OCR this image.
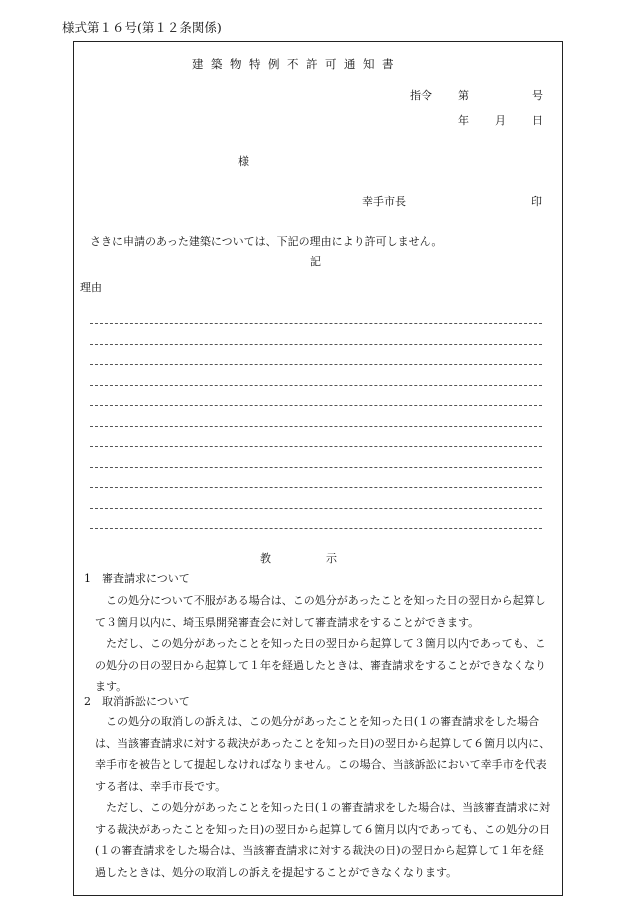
様式第１６号(第１２条関係)
建築物特例不許可通知書
指令 第	号
年 月 日
様
幸手市長	印
さきに申請のあった建築については、下記の理由により許可しません。
記
理由
教　　　　　示
1　審査請求について
この処分について不服がある場合は、この処分があったことを知った日の翌日から起算して３箇月以内に、埼玉県開発審査会に対して審査請求をすることができます。
ただし、この処分があったことを知った日の翌日から起算して３箇月以内であっても、この処分の日の翌日から起算して１年を経過したときは、審査請求をすることができなくなります。
2　取消訴訟について
この処分の取消しの訴えは、この処分があったことを知った日(１の審査請求をした場合は、当該審査請求に対する裁決があったことを知った日)の翌日から起算して６箇月以内に、幸手市を被告として提起しなければなりません。この場合、当該訴訟において幸手市を代表する者は、幸手市長です。
ただし、この処分があったことを知った日(１の審査請求をした場合は、当該審査請求に対する裁決があったことを知った日)の翌日から起算して６箇月以内であっても、この処分の日(１の審査請求をした場合は、当該審査請求に対する裁決の日)の翌日から起算して１年を経過したときは、処分の取消しの訴えを提起することができなくなります。
